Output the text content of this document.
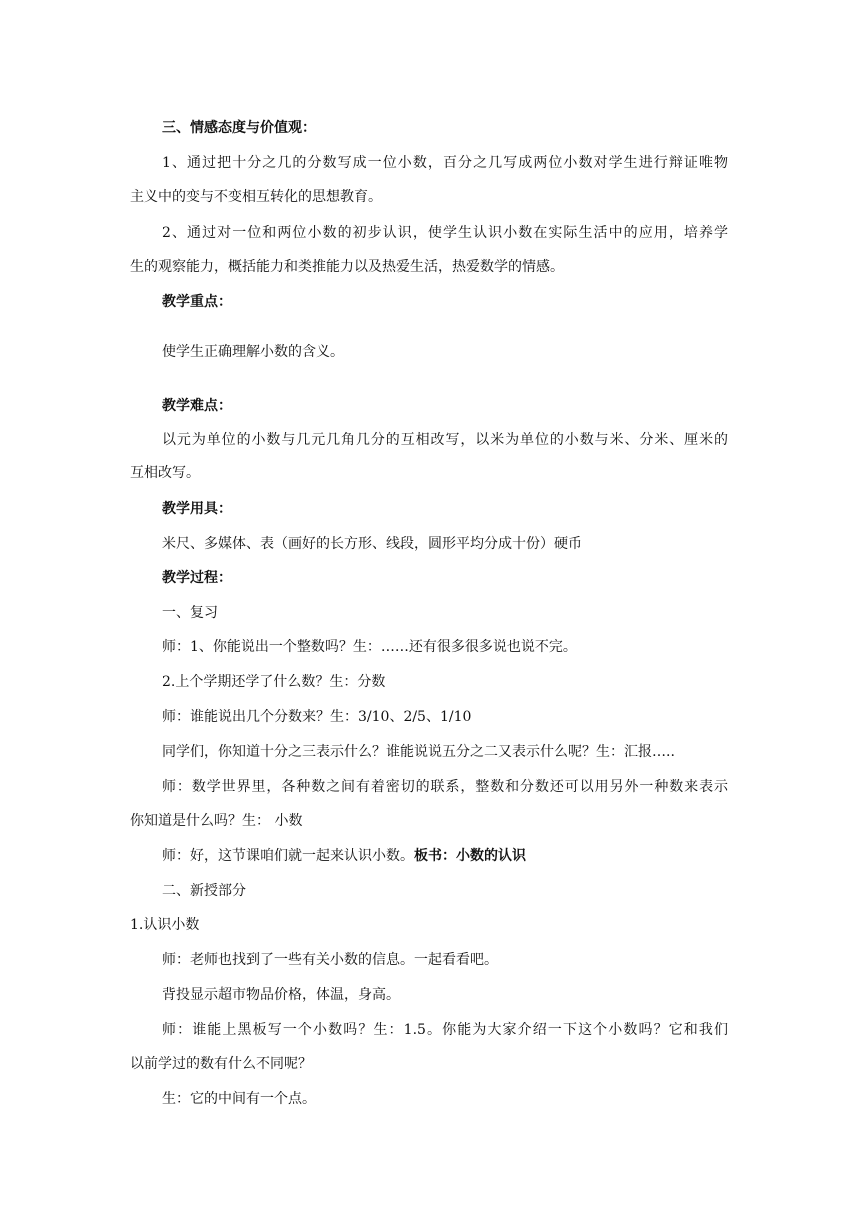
三、情感态度与价值观：
1、通过把十分之几的分数写成一位小数，百分之几写成两位小数对学生进行辩证唯物
主义中的变与不变相互转化的思想教育。
2、通过对一位和两位小数的初步认识，使学生认识小数在实际生活中的应用，培养学
生的观察能力，概括能力和类推能力以及热爱生活，热爱数学的情感。
教学重点：
使学生正确理解小数的含义。
教学难点：
以元为单位的小数与几元几角几分的互相改写，以米为单位的小数与米、分米、厘米的
互相改写。
教学用具：
米尺、多媒体、表（画好的长方形、线段，圆形平均分成十份）硬币
教学过程：
一、复习
师：1、你能说出一个整数吗？生：……还有很多很多说也说不完。
2.上个学期还学了什么数？生：分数
师：谁能说出几个分数来？生：3/10、2/5、1/10
同学们，你知道十分之三表示什么？谁能说说五分之二又表示什么呢？生：汇报…..
师：数学世界里，各种数之间有着密切的联系，整数和分数还可以用另外一种数来表示
你知道是什么吗？生： 小数
师：好，这节课咱们就一起来认识小数。板书：小数的认识
二、新授部分
1.认识小数
师：老师也找到了一些有关小数的信息。一起看看吧。
背投显示超市物品价格，体温，身高。
师：谁能上黑板写一个小数吗？生：1.5。你能为大家介绍一下这个小数吗？它和我们
以前学过的数有什么不同呢？
生：它的中间有一个点。
